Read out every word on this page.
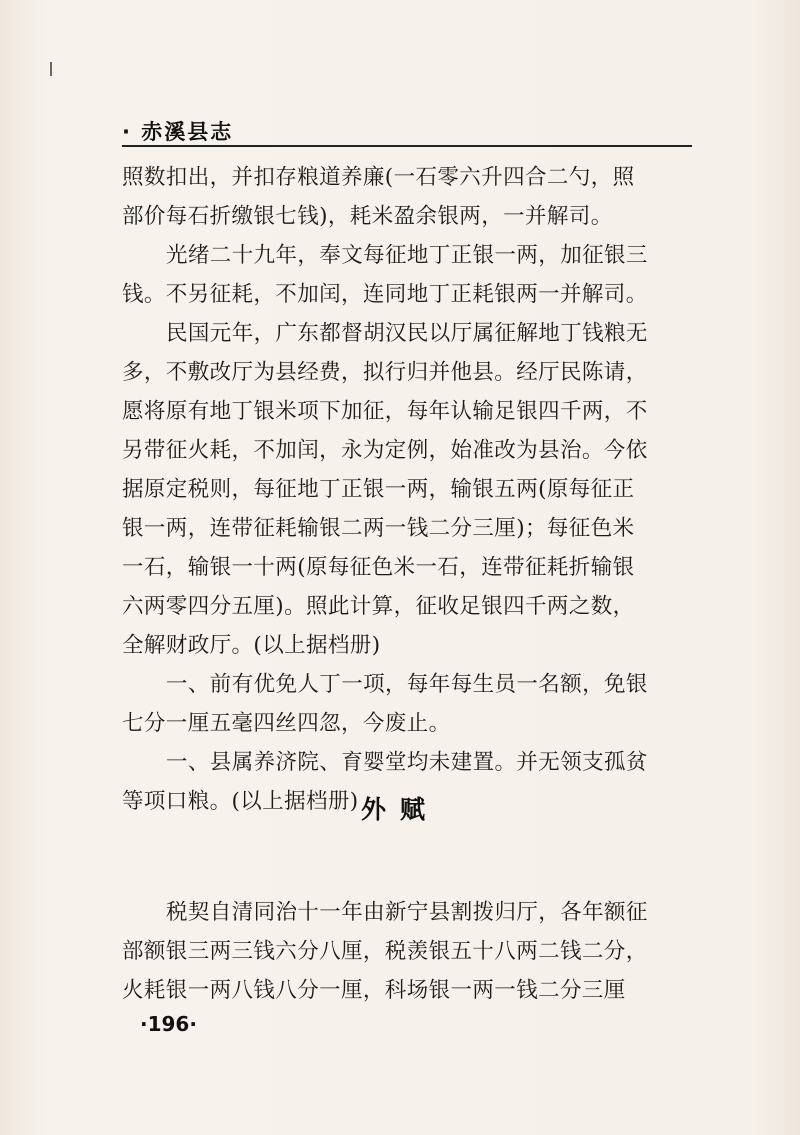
· 赤溪县志
照数扣出，并扣存粮道养廉(一石零六升四合二勺，照
部价每石折缴银七钱)，耗米盈余银两，一并解司。
光绪二十九年，奉文每征地丁正银一两，加征银三
钱。不另征耗，不加闰，连同地丁正耗银两一并解司。
民国元年，广东都督胡汉民以厅属征解地丁钱粮无
多，不敷改厅为县经费，拟行归并他县。经厅民陈请，
愿将原有地丁银米项下加征，每年认输足银四千两，不
另带征火耗，不加闰，永为定例，始准改为县治。今依
据原定税则，每征地丁正银一两，输银五两(原每征正
银一两，连带征耗输银二两一钱二分三厘)；每征色米
一石，输银一十两(原每征色米一石，连带征耗折输银
六两零四分五厘)。照此计算，征收足银四千两之数，
全解财政厅。(以上据档册)
一、前有优免人丁一项，每年每生员一名额，免银
七分一厘五毫四丝四忽，今废止。
一、县属养济院、育婴堂均未建置。并无领支孤贫
等项口粮。(以上据档册) 外赋
税契自清同治十一年由新宁县割拨归厅，各年额征
部额银三两三钱六分八厘，税羡银五十八两二钱二分，
火耗银一两八钱八分一厘，科场银一两一钱二分三厘
·196·
